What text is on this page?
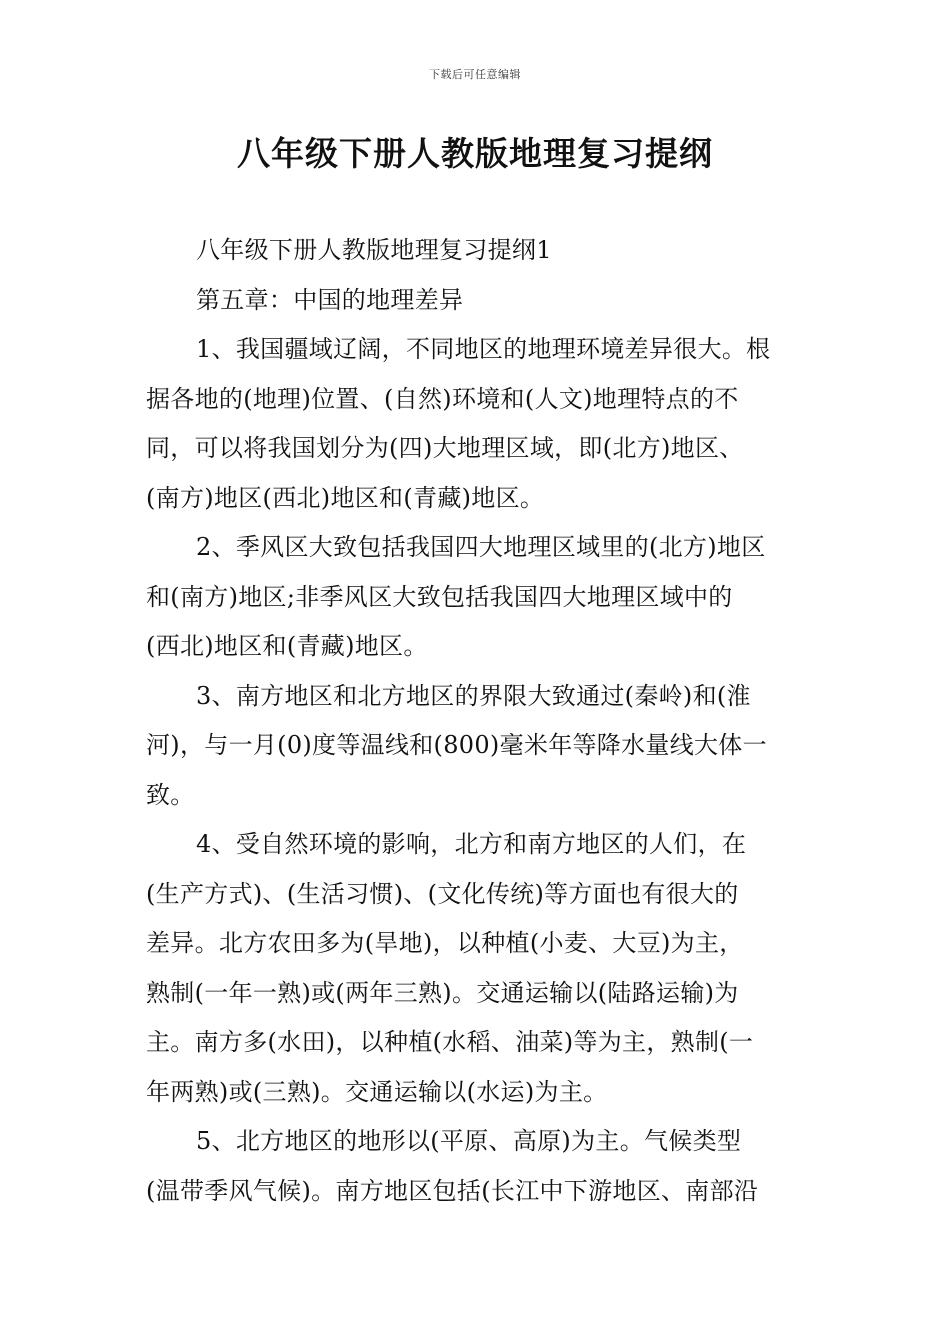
下载后可任意编辑
八年级下册人教版地理复习提纲

八年级下册人教版地理复习提纲1

第五章：中国的地理差异

1、我国疆域辽阔，不同地区的地理环境差异很大。根

据各地的(地理)位置、(自然)环境和(人文)地理特点的不

同，可以将我国划分为(四)大地理区域，即(北方)地区、

(南方)地区(西北)地区和(青藏)地区。

2、季风区大致包括我国四大地理区域里的(北方)地区

和(南方)地区;非季风区大致包括我国四大地理区域中的

(西北)地区和(青藏)地区。

3、南方地区和北方地区的界限大致通过(秦岭)和(淮

河)，与一月(0)度等温线和(800)毫米年等降水量线大体一

致。

4、受自然环境的影响，北方和南方地区的人们，在

(生产方式)、(生活习惯)、(文化传统)等方面也有很大的

差异。北方农田多为(旱地)，以种植(小麦、大豆)为主，

熟制(一年一熟)或(两年三熟)。交通运输以(陆路运输)为

主。南方多(水田)，以种植(水稻、油菜)等为主，熟制(一

年两熟)或(三熟)。交通运输以(水运)为主。

5、北方地区的地形以(平原、高原)为主。气候类型

(温带季风气候)。南方地区包括(长江中下游地区、南部沿
